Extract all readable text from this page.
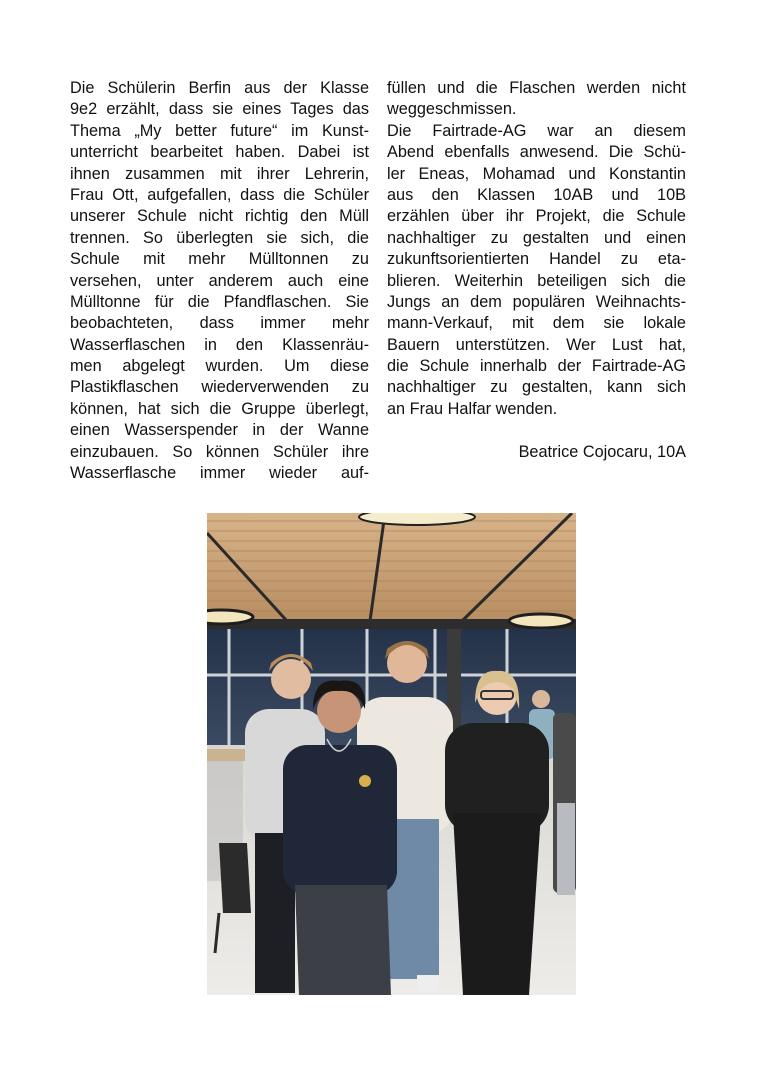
Die Schülerin Berfin aus der Klasse
9e2 erzählt, dass sie eines Tages das
Thema „My better future“ im Kunst-
unterricht bearbeitet haben. Dabei ist
ihnen zusammen mit ihrer Lehrerin,
Frau Ott, aufgefallen, dass die Schüler
unserer Schule nicht richtig den Müll
trennen. So überlegten sie sich, die
Schule mit mehr Mülltonnen zu
versehen, unter anderem auch eine
Mülltonne für die Pfandflaschen. Sie
beobachteten, dass immer mehr
Wasserflaschen in den Klassenräu-
men abgelegt wurden. Um diese
Plastikflaschen wiederverwenden zu
können, hat sich die Gruppe überlegt,
einen Wasserspender in der Wanne
einzubauen. So können Schüler ihre
Wasserflasche immer wieder auf-
füllen und die Flaschen werden nicht
weggeschmissen.
Die Fairtrade-AG war an diesem
Abend ebenfalls anwesend. Die Schü-
ler Eneas, Mohamad und Konstantin
aus den Klassen 10AB und 10B
erzählen über ihr Projekt, die Schule
nachhaltiger zu gestalten und einen
zukunftsorientierten Handel zu eta-
blieren. Weiterhin beteiligen sich die
Jungs an dem populären Weihnachts-
mann-Verkauf, mit dem sie lokale
Bauern unterstützen. Wer Lust hat,
die Schule innerhalb der Fairtrade-AG
nachhaltiger zu gestalten, kann sich
an Frau Halfar wenden.
Beatrice Cojocaru, 10A
